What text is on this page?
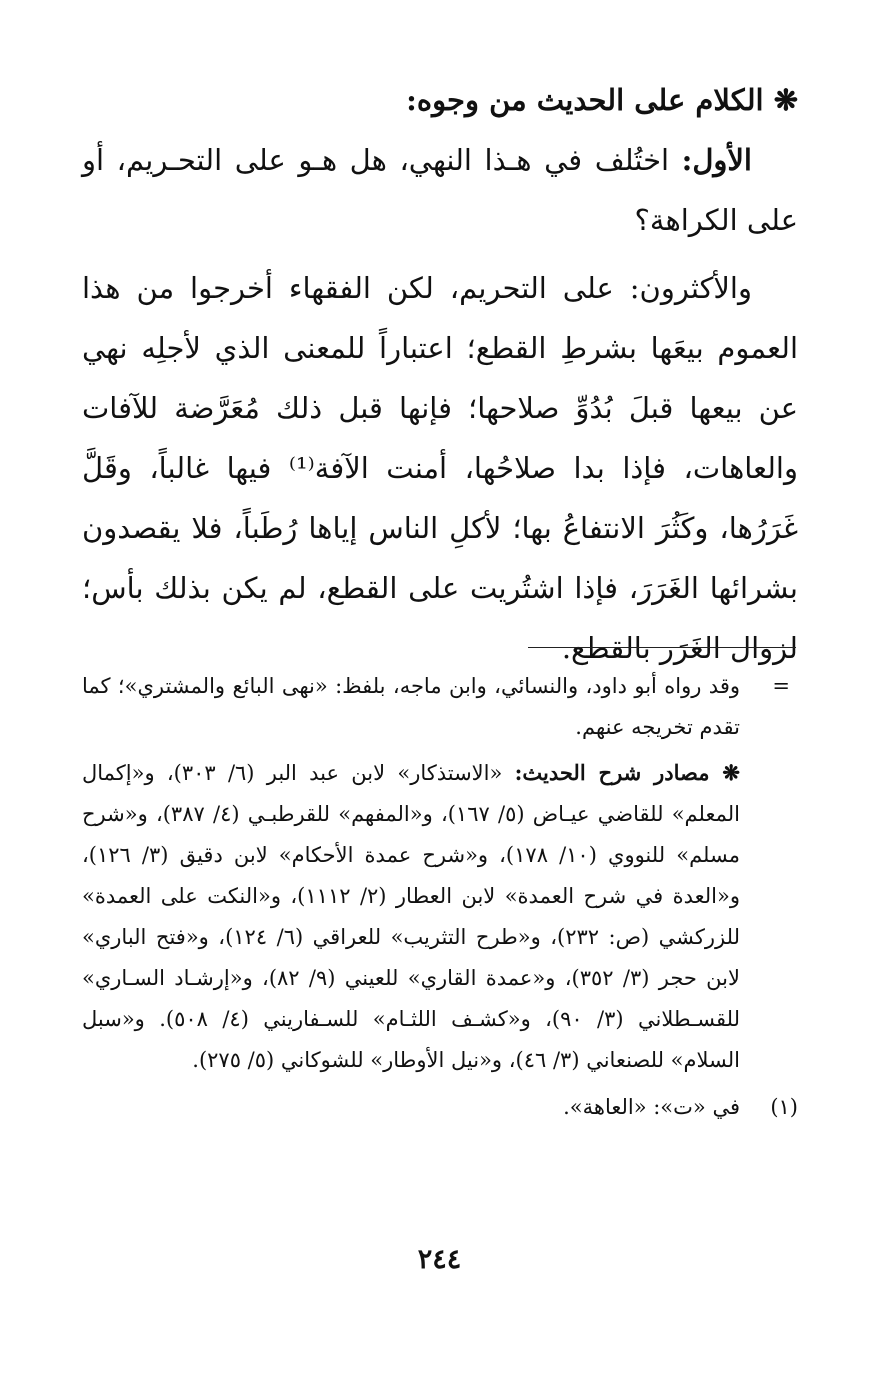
❋ الكلام على الحديث من وجوه:

الأول: اختُلف في هـذا النهي، هل هـو على التحـريم، أو على الكراهة؟

والأكثرون: على التحريم، لكن الفقهاء أخرجوا من هذا العموم بيعَها بشرطِ القطع؛ اعتباراً للمعنى الذي لأجلِه نهي عن بيعها قبلَ بُدُوِّ صلاحها؛ فإنها قبل ذلك مُعَرَّضة للآفات والعاهات، فإذا بدا صلاحُها، أمنت الآفة⁽¹⁾ فيها غالباً، وقَلَّ غَرَرُها، وكَثُرَ الانتفاعُ بها؛ لأكلِ الناس إياها رُطَباً، فلا يقصدون بشرائها الغَرَرَ، فإذا اشتُريت على القطع، لم يكن بذلك بأس؛ لزوال الغَرَر بالقطع.

=
وقد رواه أبو داود، والنسائي، وابن ماجه، بلفظ: «نهى البائع والمشتري»؛ كما تقدم تخريجه عنهم.

❋ مصادر شرح الحديث: «الاستذكار» لابن عبد البر (٦/ ٣٠٣)، و«إكمال المعلم» للقاضي عيـاض (٥/ ١٦٧)، و«المفهم» للقرطبـي (٤/ ٣٨٧)، و«شرح مسلم» للنووي (١٠/ ١٧٨)، و«شرح عمدة الأحكام» لابن دقيق (٣/ ١٢٦)، و«العدة في شرح العمدة» لابن العطار (٢/ ١١١٢)، و«النكت على العمدة» للزركشي (ص: ٢٣٢)، و«طرح التثريب» للعراقي (٦/ ١٢٤)، و«فتح الباري» لابن حجر (٣/ ٣٥٢)، و«عمدة القاري» للعيني (٩/ ٨٢)، و«إرشـاد السـاري» للقسـطلاني (٣/ ٩٠)، و«كشـف اللثـام» للسـفاريني (٤/ ٥٠٨). و«سبل السلام» للصنعاني (٣/ ٤٦)، و«نيل الأوطار» للشوكاني (٥/ ٢٧٥).

(١)
في «ت»: «العاهة».

٢٤٤
